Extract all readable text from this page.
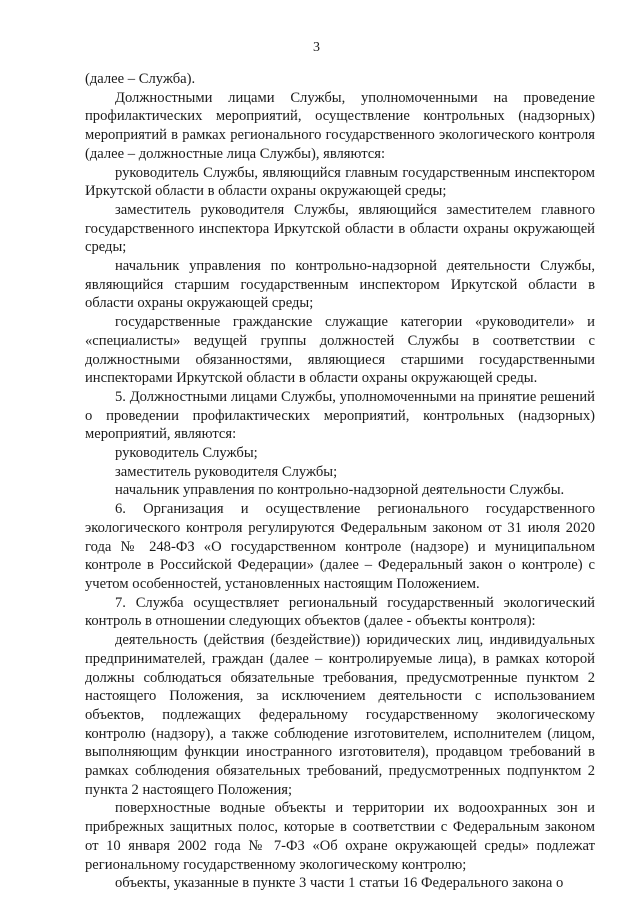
3

(далее – Служба).

Должностными лицами Службы, уполномоченными на проведение профилактических мероприятий, осуществление контрольных (надзорных) мероприятий в рамках регионального государственного экологического контроля (далее – должностные лица Службы), являются:

руководитель Службы, являющийся главным государственным инспектором Иркутской области в области охраны окружающей среды;

заместитель руководителя Службы, являющийся заместителем главного государственного инспектора Иркутской области в области охраны окружающей среды;

начальник управления по контрольно-надзорной деятельности Службы, являющийся старшим государственным инспектором Иркутской области в области охраны окружающей среды;

государственные гражданские служащие категории «руководители» и «специалисты» ведущей группы должностей Службы в соответствии с должностными обязанностями, являющиеся старшими государственными инспекторами Иркутской области в области охраны окружающей среды.

5. Должностными лицами Службы, уполномоченными на принятие решений о проведении профилактических мероприятий, контрольных (надзорных) мероприятий, являются:

руководитель Службы;

заместитель руководителя Службы;

начальник управления по контрольно-надзорной деятельности Службы.

6. Организация и осуществление регионального государственного экологического контроля регулируются Федеральным законом от 31 июля 2020 года № 248-ФЗ «О государственном контроле (надзоре) и муниципальном контроле в Российской Федерации» (далее – Федеральный закон о контроле) с учетом особенностей, установленных настоящим Положением.

7. Служба осуществляет региональный государственный экологический контроль в отношении следующих объектов (далее - объекты контроля):

деятельность (действия (бездействие)) юридических лиц, индивидуальных предпринимателей, граждан (далее – контролируемые лица), в рамках которой должны соблюдаться обязательные требования, предусмотренные пунктом 2 настоящего Положения, за исключением деятельности с использованием объектов, подлежащих федеральному государственному экологическому контролю (надзору), а также соблюдение изготовителем, исполнителем (лицом, выполняющим функции иностранного изготовителя), продавцом требований в рамках соблюдения обязательных требований, предусмотренных подпунктом 2 пункта 2 настоящего Положения;

поверхностные водные объекты и территории их водоохранных зон и прибрежных защитных полос, которые в соответствии с Федеральным законом от 10 января 2002 года № 7-ФЗ «Об охране окружающей среды» подлежат региональному государственному экологическому контролю;

объекты, указанные в пункте 3 части 1 статьи 16 Федерального закона о
